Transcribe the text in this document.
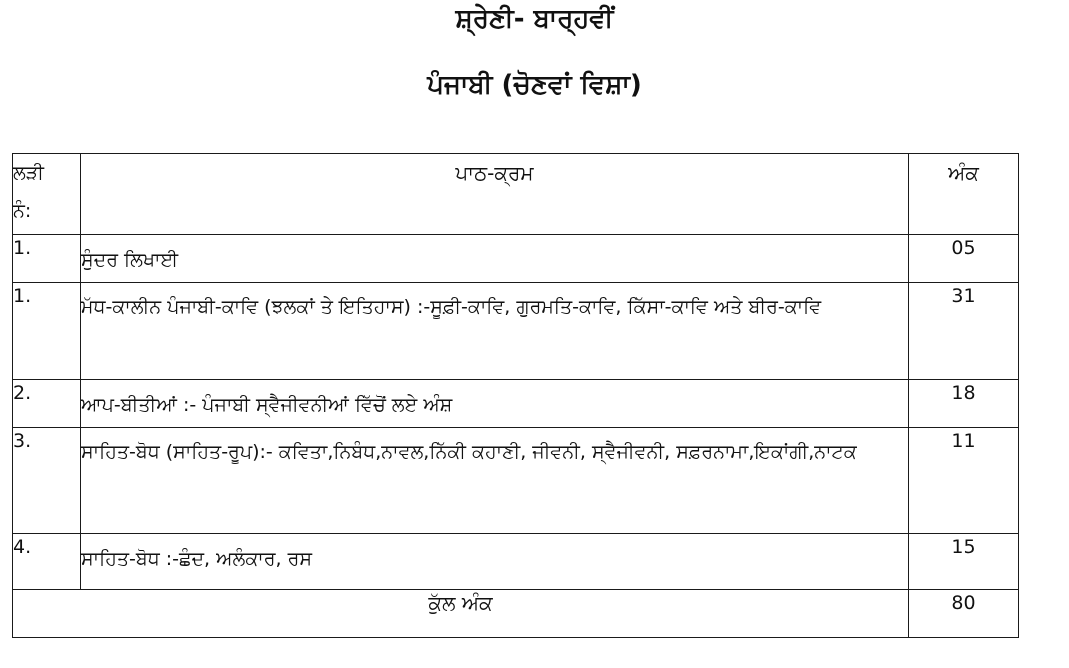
ਸ਼੍ਰੇਣੀ- ਬਾਰ੍ਹਵੀਂ
ਪੰਜਾਬੀ (ਚੋਣਵਾਂ ਵਿਸ਼ਾ)
ਲੜੀ
ਨੰ:	ਪਾਠ-ਕ੍ਰਮ	ਅੰਕ
1.	ਸੁੰਦਰ ਲਿਖਾਈ	05
1.	ਮੱਧ-ਕਾਲੀਨ ਪੰਜਾਬੀ-ਕਾਵਿ (ਝਲਕਾਂ ਤੇ ਇਤਿਹਾਸ) :-ਸੂਫ਼ੀ-ਕਾਵਿ, ਗੁਰਮਤਿ-ਕਾਵਿ, ਕਿੱਸਾ-ਕਾਵਿ ਅਤੇ ਬੀਰ-ਕਾਵਿ	31
2.	ਆਪ-ਬੀਤੀਆਂ :- ਪੰਜਾਬੀ ਸ੍ਵੈਜੀਵਨੀਆਂ ਵਿੱਚੋਂ ਲਏ ਅੰਸ਼	18
3.	ਸਾਹਿਤ-ਬੋਧ (ਸਾਹਿਤ-ਰੂਪ):- ਕਵਿਤਾ,ਨਿਬੰਧ,ਨਾਵਲ,ਨਿੱਕੀ ਕਹਾਣੀ, ਜੀਵਨੀ, ਸ੍ਵੈਜੀਵਨੀ, ਸਫ਼ਰਨਾਮਾ,ਇਕਾਂਗੀ,ਨਾਟਕ	11
4.	ਸਾਹਿਤ-ਬੋਧ :-ਛੰਦ, ਅਲੰਕਾਰ, ਰਸ	15
ਕੁੱਲ ਅੰਕ		80
